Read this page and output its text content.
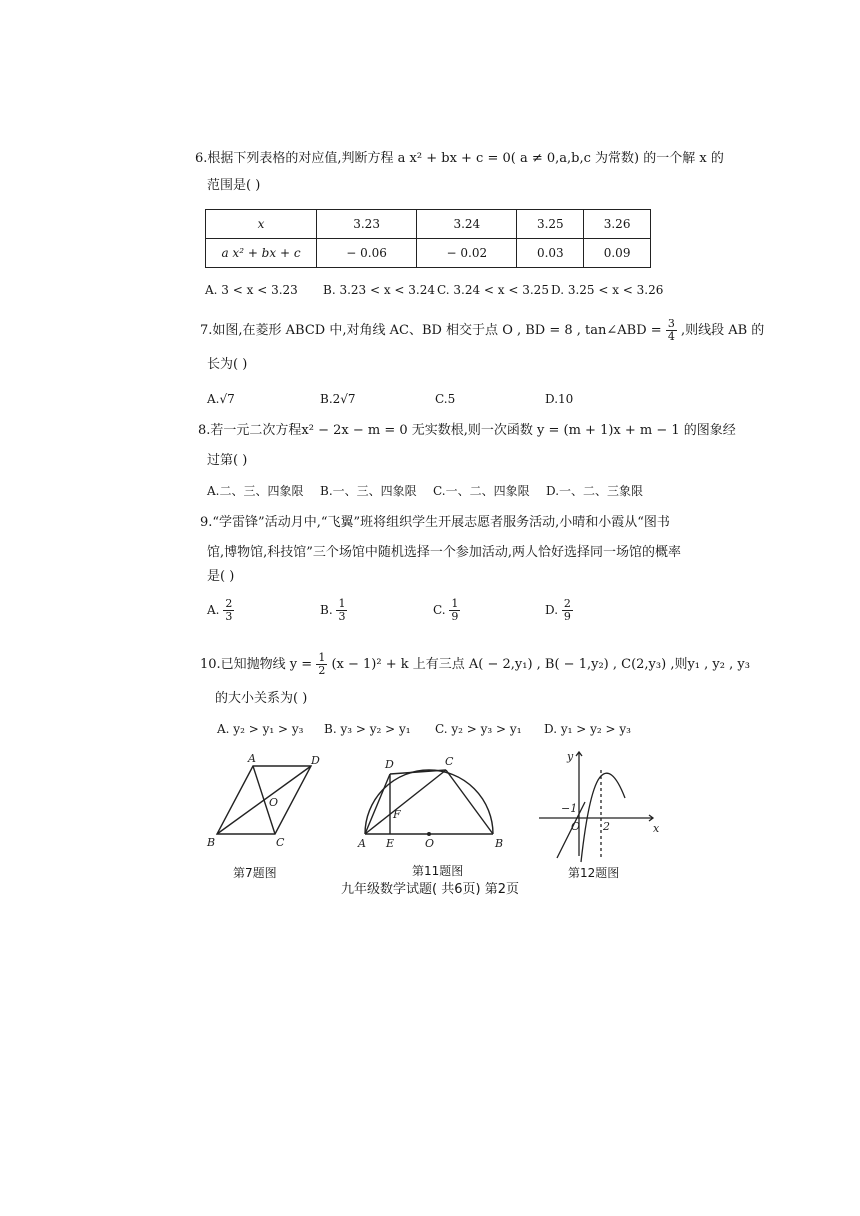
6.根据下列表格的对应值,判断方程 a x² + bx + c = 0( a ≠ 0,a,b,c 为常数) 的一个解 x 的
范围是( )
x	3.23	3.24	3.25	3.26
a x² + bx + c	− 0.06	− 0.02	0.03	0.09
A. 3 < x < 3.23 B. 3.23 < x < 3.24 C. 3.24 < x < 3.25 D. 3.25 < x < 3.26
7.如图,在菱形 ABCD 中,对角线 AC、BD 相交于点 O , BD = 8 , tan∠ABD = $\frac{3}{4}$ ,则线段 AB 的
长为( )
A.√7	B.2√7	C.5	D.10
8.若一元二次方程x² − 2x − m = 0 无实数根,则一次函数 y = (m + 1)x + m − 1 的图象经
过第( )
A.二、三、四象限 B.一、三、四象限 C.一、二、四象限 D.一、二、三象限
9.“学雷锋”活动月中,“飞翼”班将组织学生开展志愿者服务活动,小晴和小霞从“图书
馆,博物馆,科技馆”三个场馆中随机选择一个参加活动,两人恰好选择同一场馆的概率
是( )
A. $\frac{2}{3}$	B. $\frac{1}{3}$	C. $\frac{1}{9}$	D. $\frac{2}{9}$
10.已知抛物线 $y = \frac{1}{2} (x - 1)^2 + k$ 上有三点 A( − 2,y₁) , B( − 1,y₂) , C(2,y₃) ,则y₁ , y₂ , y₃
的大小关系为( )
A. y₂ > y₁ > y₃ B. y₃ > y₂ > y₁ C. y₂ > y₃ > y₁ D. y₁ > y₂ > y₃
A	D
B	C
O
第7题图
D	C
F
A E	O	B
第11题图
y
x
O
−1
2
第12题图
九年级数学试题( 共6页) 第2页
